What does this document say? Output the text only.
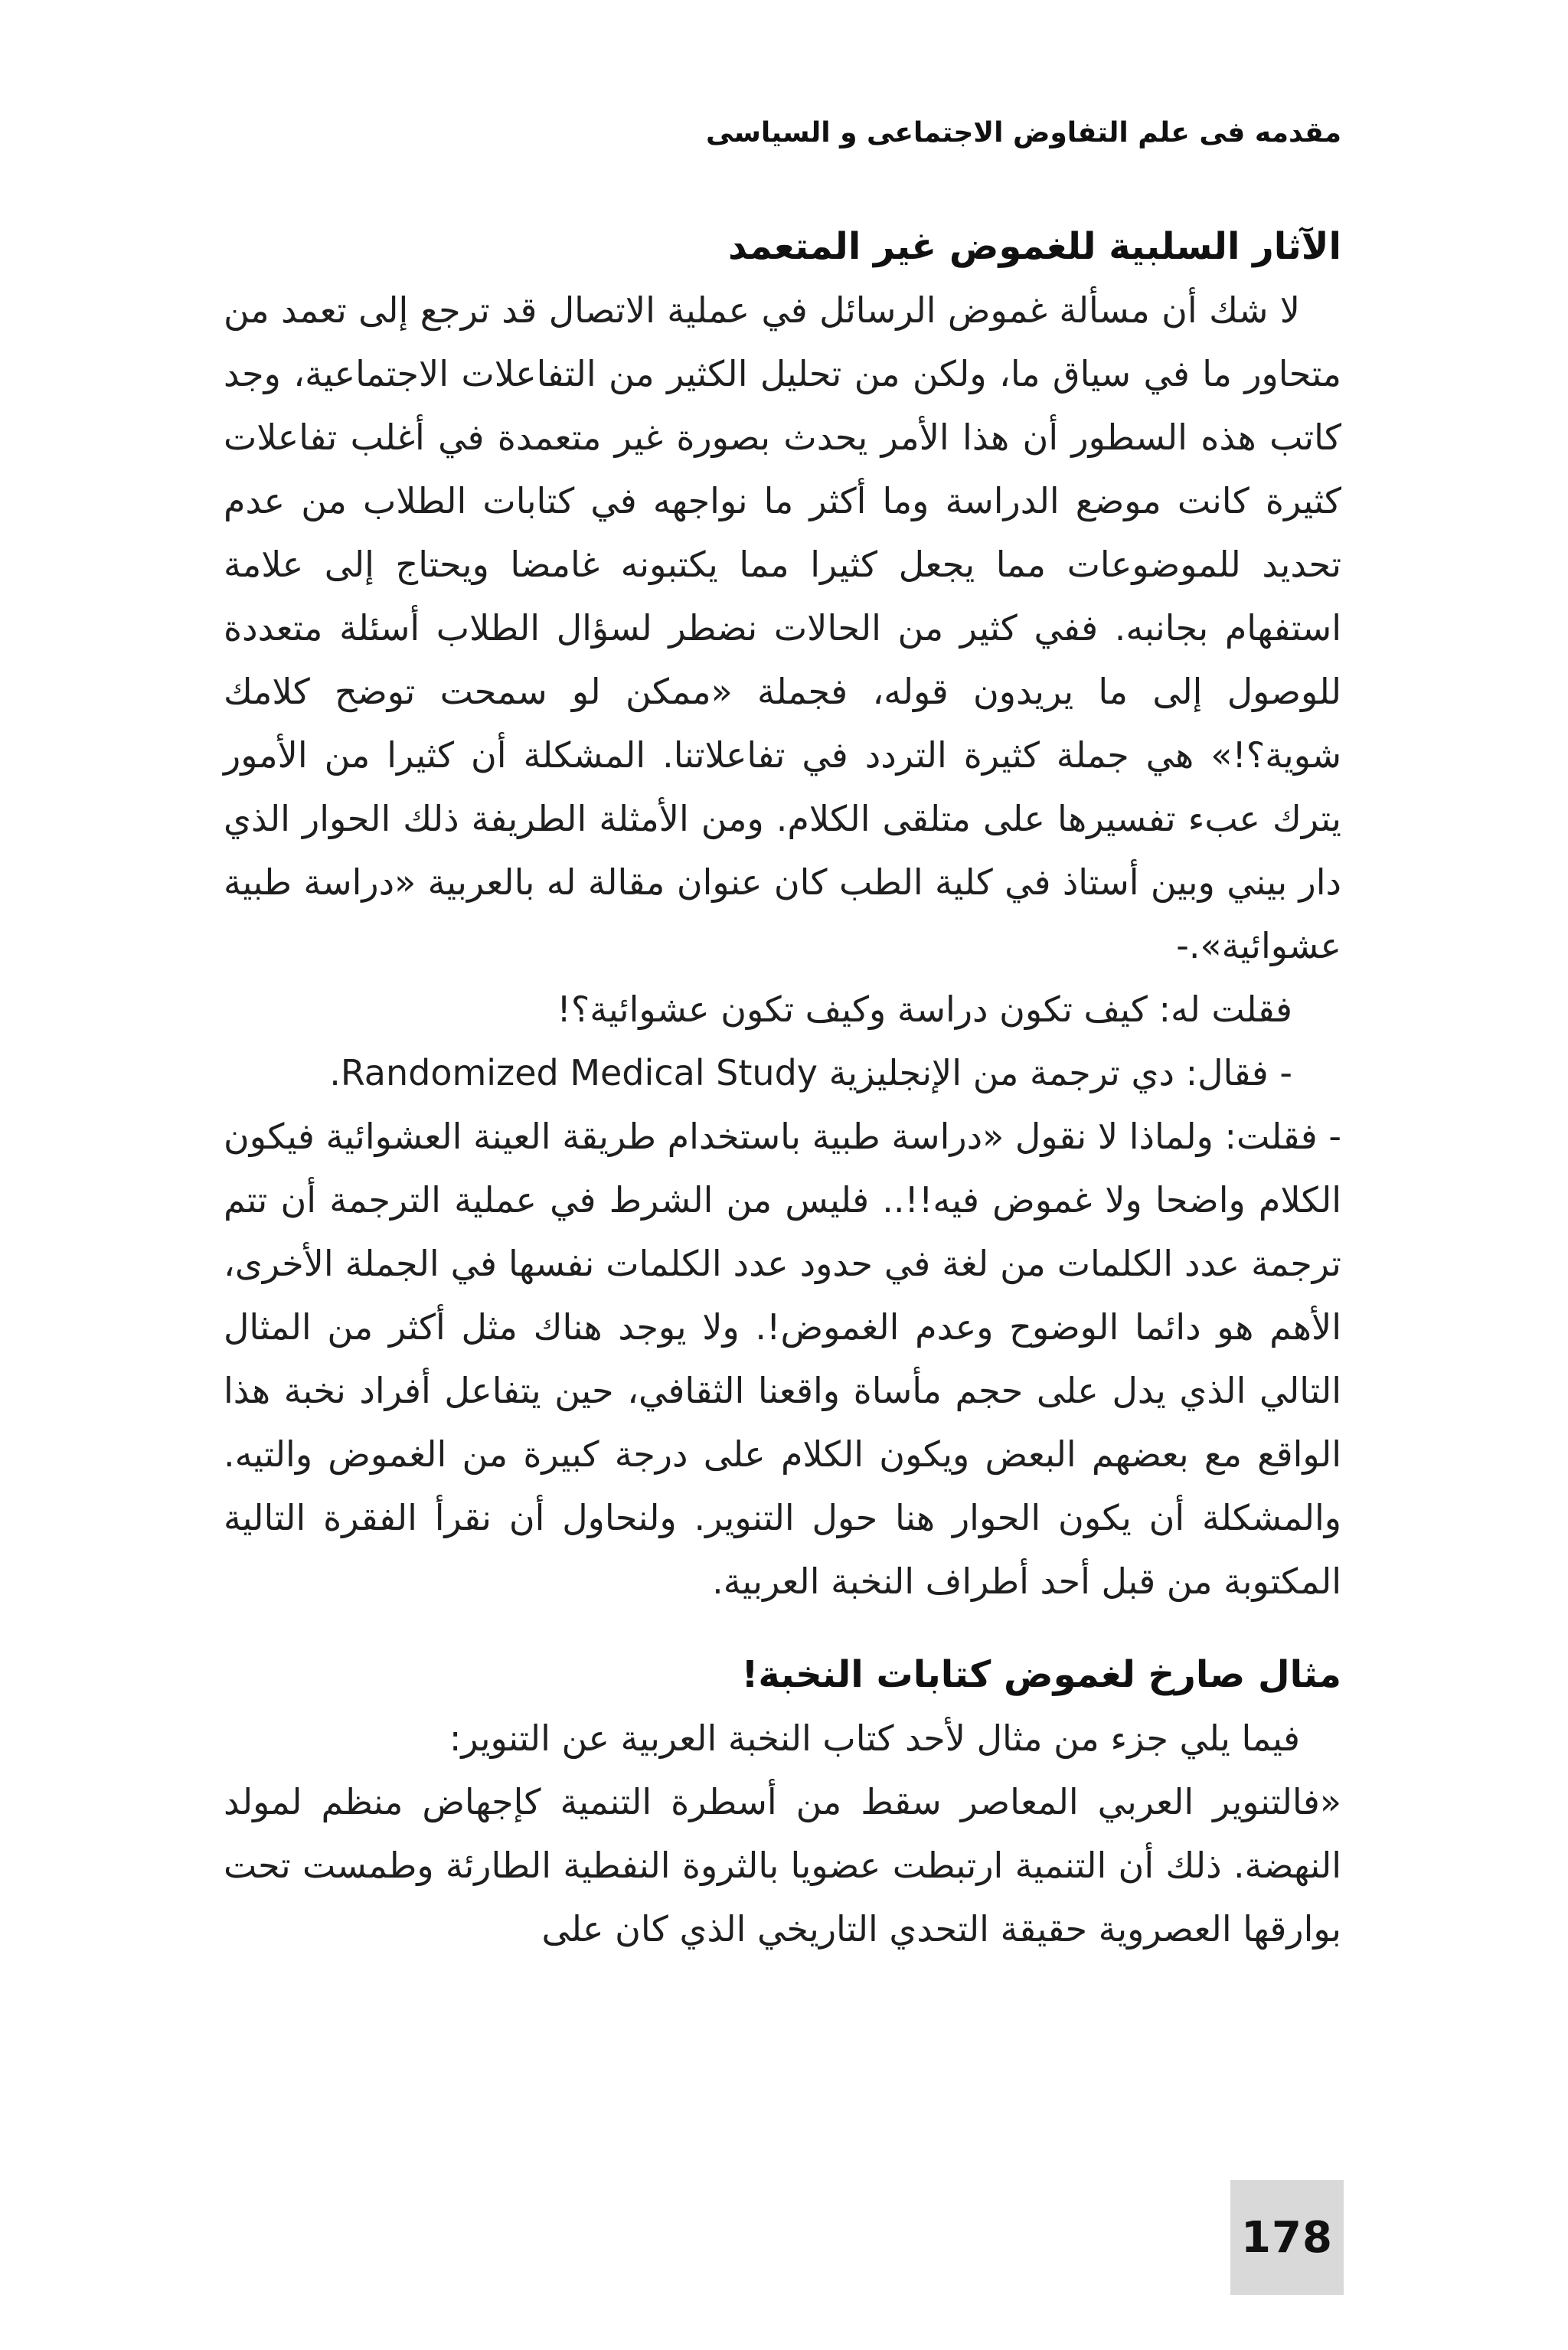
مقدمه فى علم التفاوض الاجتماعى و السياسى
الآثار السلبية للغموض غير المتعمد

لا شك أن مسألة غموض الرسائل في عملية الاتصال قد ترجع إلى تعمد من متحاور ما في سياق ما، ولكن من تحليل الكثير من التفاعلات الاجتماعية، وجد كاتب هذه السطور أن هذا الأمر يحدث بصورة غير متعمدة في أغلب تفاعلات كثيرة كانت موضع الدراسة وما أكثر ما نواجهه في كتابات الطلاب من عدم تحديد للموضوعات مما يجعل كثيرا مما يكتبونه غامضا ويحتاج إلى علامة استفهام بجانبه. ففي كثير من الحالات نضطر لسؤال الطلاب أسئلة متعددة للوصول إلى ما يريدون قوله، فجملة «ممكن لو سمحت توضح كلامك شوية؟!» هي جملة كثيرة التردد في تفاعلاتنا. المشكلة أن كثيرا من الأمور يترك عبء تفسيرها على متلقى الكلام. ومن الأمثلة الطريفة ذلك الحوار الذي دار بيني وبين أستاذ في كلية الطب كان عنوان مقالة له بالعربية «دراسة طبية عشوائية».-

فقلت له: كيف تكون دراسة وكيف تكون عشوائية؟!

- فقال: دي ترجمة من الإنجليزية Randomized Medical Study.

- فقلت: ولماذا لا نقول «دراسة طبية باستخدام طريقة العينة العشوائية فيكون الكلام واضحا ولا غموض فيه!!.. فليس من الشرط في عملية الترجمة أن تتم ترجمة عدد الكلمات من لغة في حدود عدد الكلمات نفسها في الجملة الأخرى، الأهم هو دائما الوضوح وعدم الغموض!. ولا يوجد هناك مثل أكثر من المثال التالي الذي يدل على حجم مأساة واقعنا الثقافي، حين يتفاعل أفراد نخبة هذا الواقع مع بعضهم البعض ويكون الكلام على درجة كبيرة من الغموض والتيه. والمشكلة أن يكون الحوار هنا حول التنوير. ولنحاول أن نقرأ الفقرة التالية المكتوبة من قبل أحد أطراف النخبة العربية.

مثال صارخ لغموض كتابات النخبة!

فيما يلي جزء من مثال لأحد كتاب النخبة العربية عن التنوير:

«فالتنوير العربي المعاصر سقط من أسطرة التنمية كإجهاض منظم لمولد النهضة. ذلك أن التنمية ارتبطت عضويا بالثروة النفطية الطارئة وطمست تحت بوارقها العصروية حقيقة التحدي التاريخي الذي كان على

178
